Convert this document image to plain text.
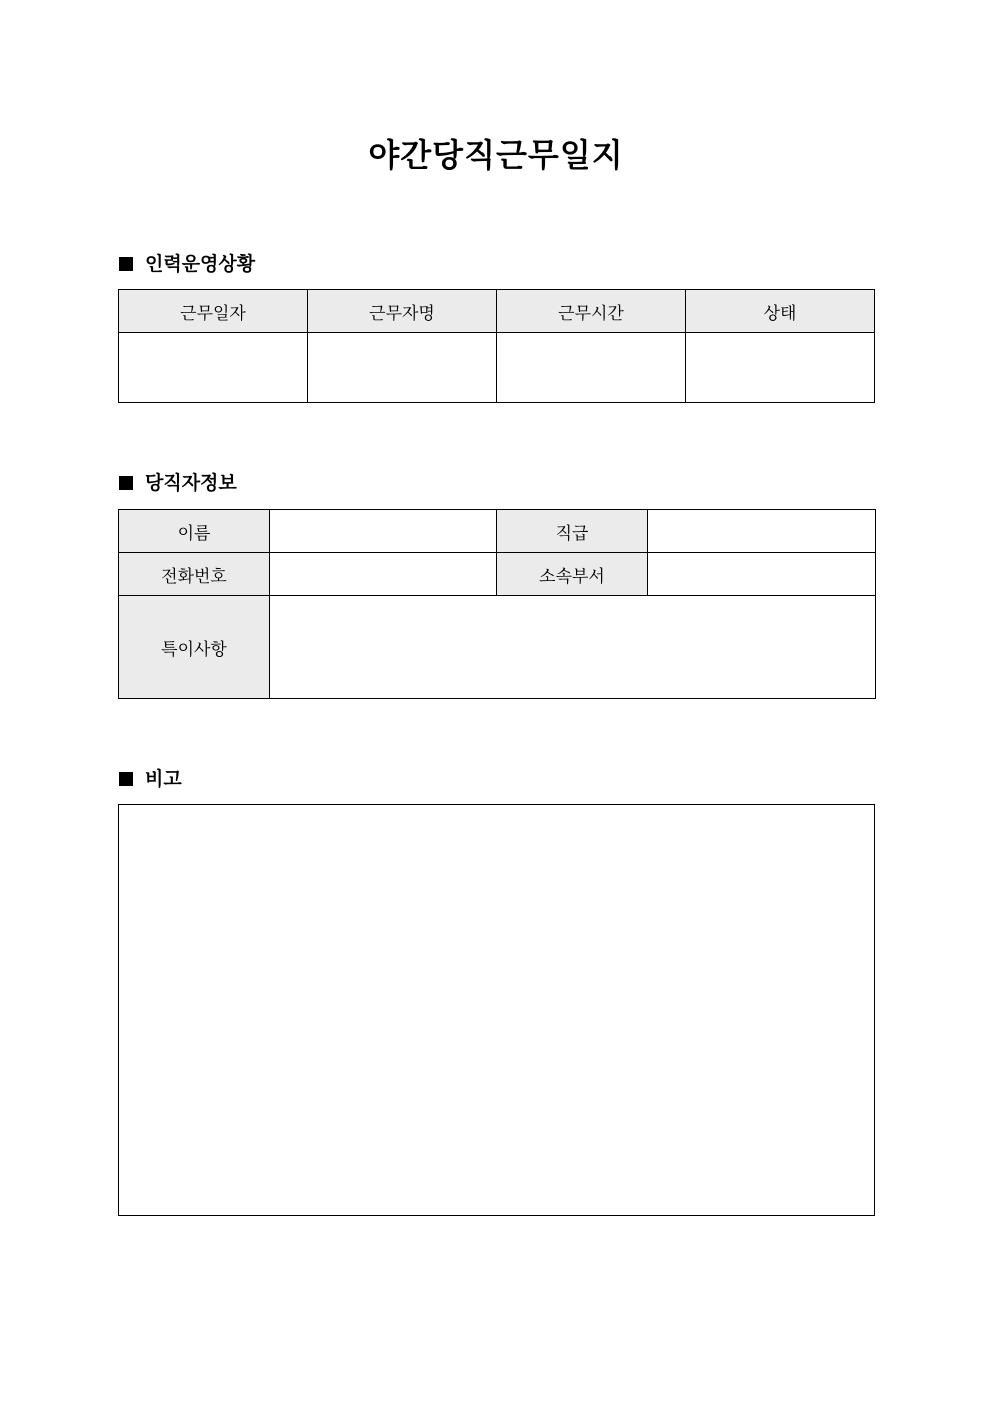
야간당직근무일지
인력운영상황
근무일자	근무자명	근무시간	상태

당직자정보
이름		직급	
전화번호		소속부서	
특이사항			
비고
